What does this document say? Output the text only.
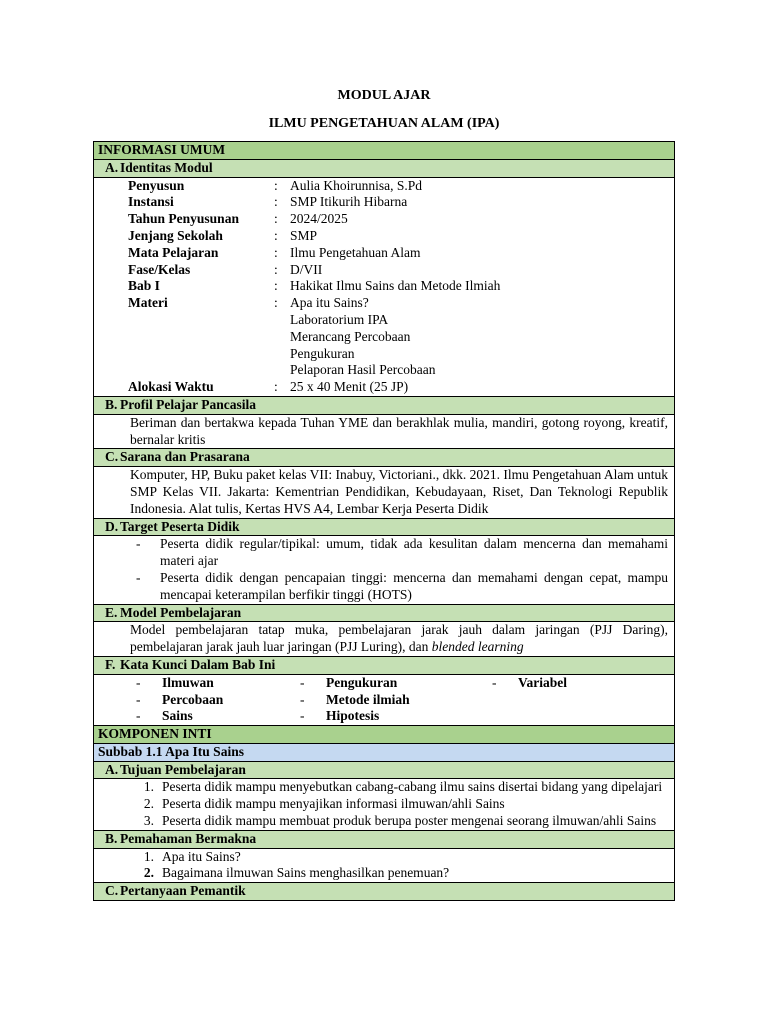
MODUL AJAR
ILMU PENGETAHUAN ALAM (IPA)
INFORMASI UMUM
A. Identitas Modul

Penyusun	: Aulia Khoirunnisa, S.Pd
Instansi	: SMP Itikurih Hibarna
Tahun Penyusunan	: 2024/2025
Jenjang Sekolah	: SMP
Mata Pelajaran	: Ilmu Pengetahuan Alam
Fase/Kelas	: D/VII
Bab I	: Hakikat Ilmu Sains dan Metode Ilmiah
Materi	: Apa itu Sains?
Laboratorium IPA
Merancang Percobaan
Pengukuran
Pelaporan Hasil Percobaan
Alokasi Waktu	: 25 x 40 Menit (25 JP)

B. Profil Pelajar Pancasila

Beriman dan bertakwa kepada Tuhan YME dan berakhlak mulia, mandiri, gotong royong, kreatif, bernalar kritis

C. Sarana dan Prasarana

Komputer, HP, Buku paket kelas VII: Inabuy, Victoriani., dkk. 2021. Ilmu Pengetahuan Alam untuk SMP Kelas VII. Jakarta: Kementrian Pendidikan, Kebudayaan, Riset, Dan Teknologi Republik Indonesia. Alat tulis, Kertas HVS A4, Lembar Kerja Peserta Didik

D. Target Peserta Didik

-	Peserta didik regular/tipikal: umum, tidak ada kesulitan dalam mencerna dan memahami materi ajar
-	Peserta didik dengan pencapaian tinggi: mencerna dan memahami dengan cepat, mampu mencapai keterampilan berfikir tinggi (HOTS)

E. Model Pembelajaran

Model pembelajaran tatap muka, pembelajaran jarak jauh dalam jaringan (PJJ Daring), pembelajaran jarak jauh luar jaringan (PJJ Luring), dan blended learning

F. Kata Kunci Dalam Bab Ini

-	Ilmuwan	-	Pengukuran	-	Variabel
-	Percobaan	-	Metode ilmiah
-	Sains	-	Hipotesis

KOMPONEN INTI
Subbab 1.1 Apa Itu Sains
A. Tujuan Pembelajaran

1. Peserta didik mampu menyebutkan cabang-cabang ilmu sains disertai bidang yang dipelajari
2. Peserta didik mampu menyajikan informasi ilmuwan/ahli Sains
3. Peserta didik mampu membuat produk berupa poster mengenai seorang ilmuwan/ahli Sains

B. Pemahaman Bermakna

1. Apa itu Sains?
2. Bagaimana ilmuwan Sains menghasilkan penemuan?

C. Pertanyaan Pemantik
